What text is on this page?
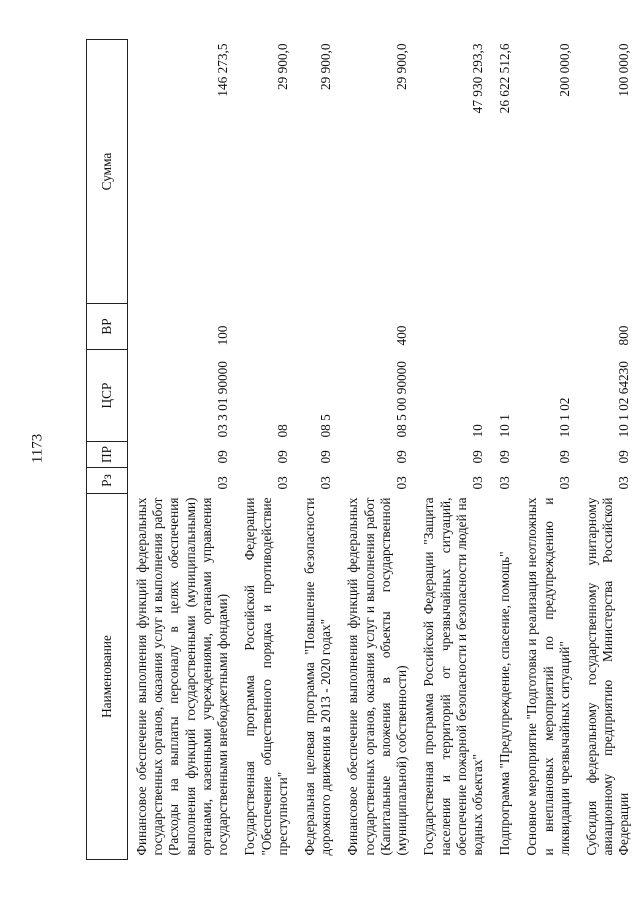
1173
Наименование	Рз	ПР	ЦСР	ВР	Сумма
Финансовое обеспечение выполнения функций федеральных государственных органов, оказания услуг и выполнения работ (Расходы на выплаты персоналу в целях обеспечения выполнения функций государственными (муниципальными) органами, казенными учреждениями, органами управления государственными внебюджетными фондами)	03	09	03 3 01 90000	100	146 273,5
Государственная программа Российской Федерации "Обеспечение общественного порядка и противодействие преступности"	03	09	08		29 900,0
Федеральная целевая программа "Повышение безопасности дорожного движения в 2013 - 2020 годах"	03	09	08 5		29 900,0
Финансовое обеспечение выполнения функций федеральных государственных органов, оказания услуг и выполнения работ (Капитальные вложения в объекты государственной (муниципальной) собственности)	03	09	08 5 00 90000	400	29 900,0
Государственная программа Российской Федерации "Защита населения и территорий от чрезвычайных ситуаций, обеспечение пожарной безопасности и безопасности людей на водных объектах"	03	09	10		47 930 293,3
Подпрограмма "Предупреждение, спасение, помощь"	03	09	10 1		26 622 512,6
Основное мероприятие "Подготовка и реализация неотложных и внеплановых мероприятий по предупреждению и ликвидации чрезвычайных ситуаций"	03	09	10 1 02		200 000,0
Субсидия федеральному государственному унитарному авиационному предприятию Министерства Российской Федерации	03	09	10 1 02 64230	800	100 000,0
